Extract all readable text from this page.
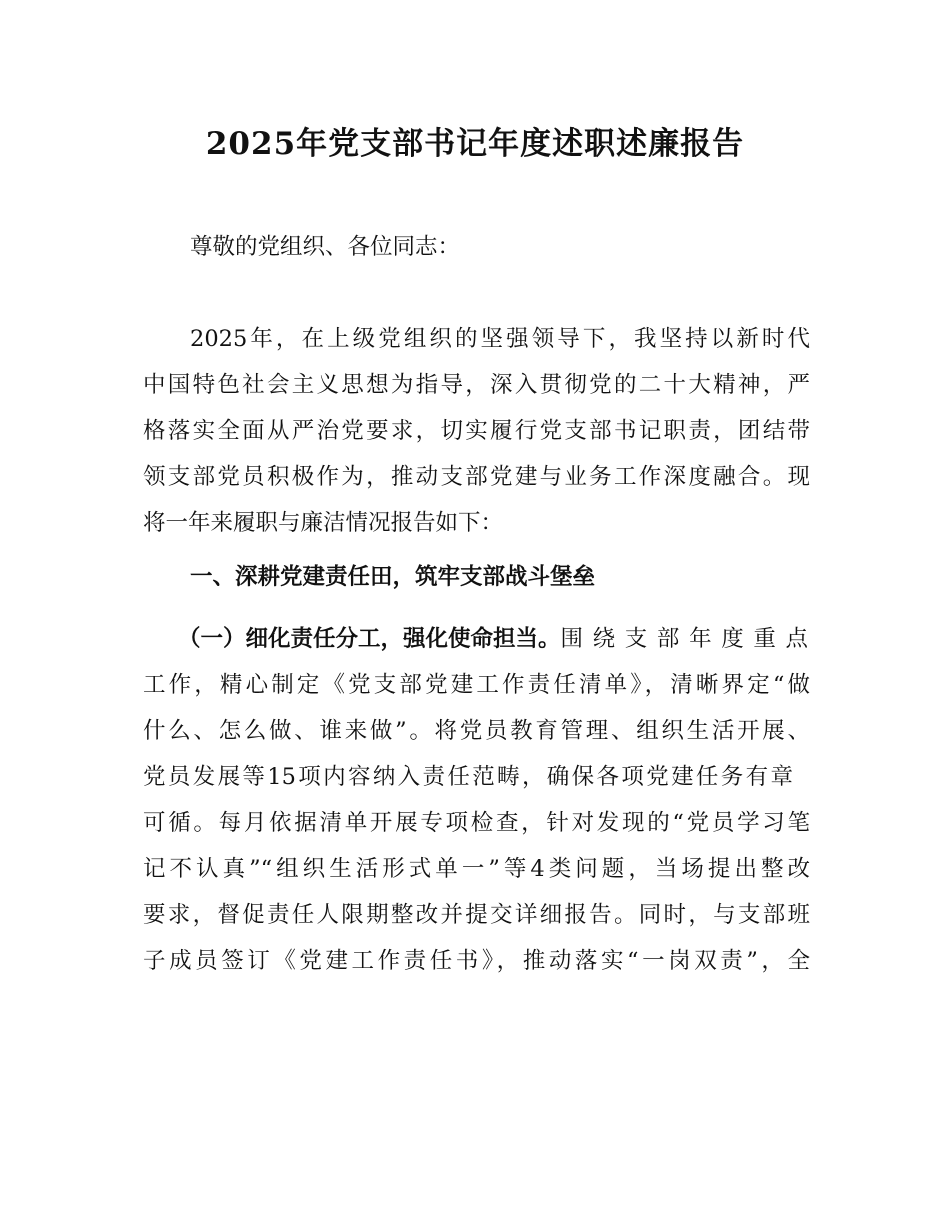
2025年党支部书记年度述职述廉报告
尊敬的党组织、各位同志：
2025年，在上级党组织的坚强领导下，我坚持以新时代
中国特色社会主义思想为指导，深入贯彻党的二十大精神，严
格落实全面从严治党要求，切实履行党支部书记职责，团结带
领支部党员积极作为，推动支部党建与业务工作深度融合。现
将一年来履职与廉洁情况报告如下：
一、深耕党建责任田，筑牢支部战斗堡垒
（一）细化责任分工，强化使命担当。 围绕支部年度重点
工作，精心制定《党支部党建工作责任清单》，清晰界定“做
什么、怎么做、谁来做”。将党员教育管理、组织生活开展、
党员发展等15项内容纳入责任范畴，确保各项党建任务有章
可循。每月依据清单开展专项检查，针对发现的“党员学习笔
记不认真”“组织生活形式单一”等4类问题，当场提出整改
要求，督促责任人限期整改并提交详细报告。同时，与支部班
子成员签订《党建工作责任书》，推动落实“一岗双责”，全
